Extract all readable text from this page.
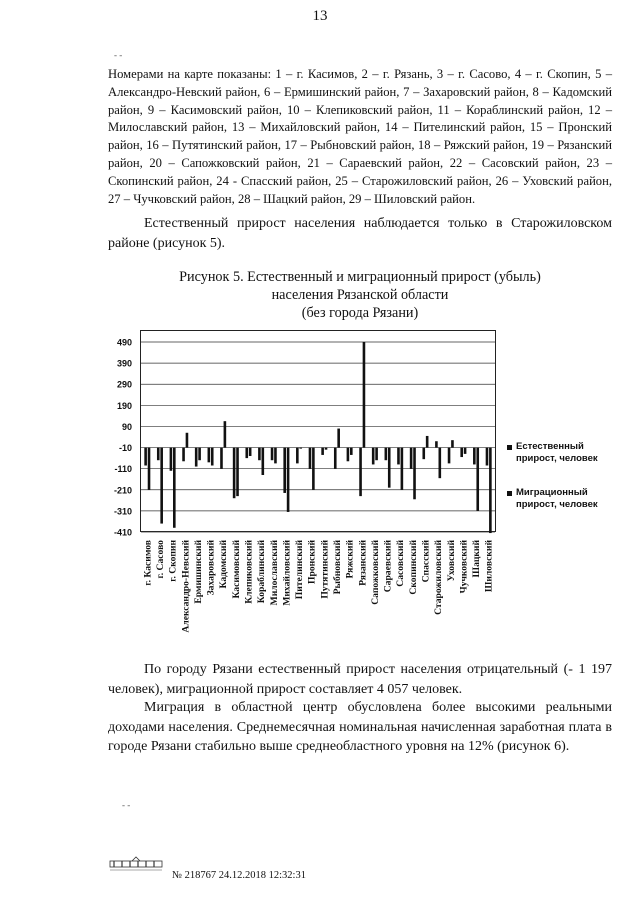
13
- -
Номерами на карте показаны: 1 – г. Касимов, 2 – г. Рязань, 3 – г. Сасово, 4 – г. Скопин, 5 – Александро-Невский район, 6 – Ермишинский район, 7 – Захаровский район, 8 – Кадомский район, 9 – Касимовский район, 10 – Клепиковский район, 11 – Кораблинский район, 12 – Милославский район, 13 – Михайловский район, 14 – Пителинский район, 15 – Пронский район, 16 – Путятинский район, 17 – Рыбновский район, 18 – Ряжский район, 19 – Рязанский район, 20 – Сапожковский район, 21 – Сараевский район, 22 – Сасовский район, 23 – Скопинский район, 24 - Спасский район, 25 – Старожиловский район, 26 – Уховский район, 27 – Чучковский район, 28 – Шацкий район, 29 – Шиловский район.
Естественный прирост населения наблюдается только в Старожиловском районе (рисунок 5).
Рисунок 5. Естественный и миграционный прирост (убыль)
населения Рязанской области
(без города Рязани)
490
390
290
190
90
-10
-110
-210
-310
-410
г. Касимов г. Сасово г. Скопин Александро-Невский Ермишинский Захаровский Кадомский Касимовский Клепиковский Кораблинский Милославский Михайловский Пителинский Пронский Путятинский Рыбновский Ряжский Рязанский Сапожковский Сараевский Сасовский Скопинский Спасский Старожиловский Уховский Чучковский Шацкий Шиловский
Естественный
прирост, человек
Миграционный
прирост, человек
По городу Рязани естественный прирост населения отрицательный (- 1 197 человек), миграционной прирост составляет 4 057 человек.
Миграция в областной центр обусловлена более высокими реальными доходами населения. Среднемесячная номинальная начисленная заработная плата в городе Рязани стабильно выше среднеобластного уровня на 12% (рисунок 6).
- -
№ 218767 24.12.2018 12:32:31
